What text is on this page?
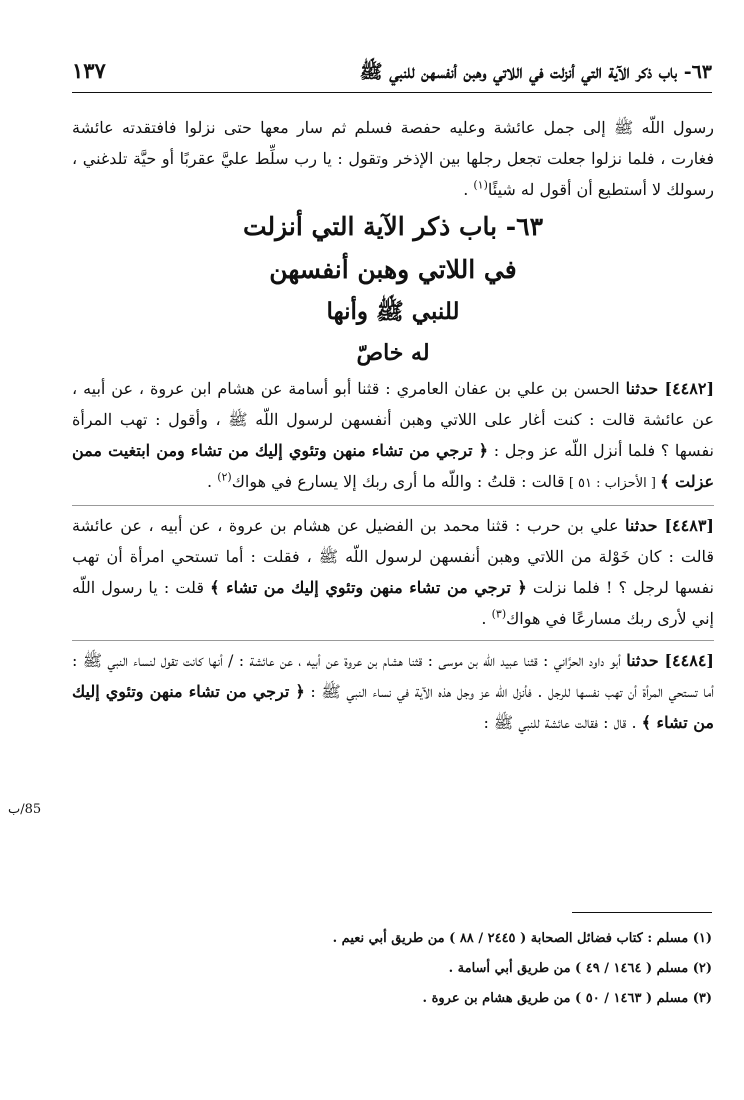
٦٣- باب ذكر الآية التي أنزلت في اللاتي وهبن أنفسهن للنبي ﷺ
١٣٧

رسول اللّه ﷺ إلى جمل عائشة وعليه حفصة فسلم ثم سار معها حتى نزلوا فافتقدته عائشة فغارت ، فلما نزلوا جعلت تجعل رجلها بين الإذخر وتقول : يا رب سلِّط عليَّ عقربًا أو حيَّة تلدغني ، رسولك لا أستطيع أن أقول له شيئًا$^{(١)}$ .

٦٣- باب ذكر الآية التي أنزلت

في اللاتي وهبن أنفسهن

للنبي ﷺ وأنها

له خاصّ

[٤٤٨٢] حدثنا الحسن بن علي بن عفان العامري : قثنا أبو أسامة عن هشام ابن عروة ، عن أبيه ، عن عائشة قالت : كنت أغار على اللاتي وهبن أنفسهن لرسول اللّه ﷺ ، وأقول : تهب المرأة نفسها ؟ فلما أنزل اللّه عز وجل : ﴿ ترجي من تشاء منهن وتئوي إليك من تشاء ومن ابتغيت ممن عزلت ﴾ [ الأحزاب : ٥١ ] قالت : قلتُ : واللّه ما أرى ربك إلا يسارع في هواك$^{(٢)}$ .

[٤٤٨٣] حدثنا علي بن حرب : قثنا محمد بن الفضيل عن هشام بن عروة ، عن أبيه ، عن عائشة قالت : كان خَوْلة من اللاتي وهبن أنفسهن لرسول اللّه ﷺ ، فقلت : أما تستحي امرأة أن تهب نفسها لرجل ؟ ! فلما نزلت ﴿ ترجي من تشاء منهن وتئوي إليك من تشاء ﴾ قلت : يا رسول اللّه إني لأرى ربك مسارعًا في هواك$^{(٣)}$ .

[٤٤٨٤] حدثنا أبو داود الحرَّاني : قثنا عبيد اللّه بن موسى : قثنا هشام بن عروة عن أبيه ، عن عائشة : / أنها كانت تقول لنساء النبي ﷺ : أما تستحي المرأة أن تهب نفسها للرجل . فأنزل اللّه عز وجل هذه الآية في نساء النبي ﷺ : ﴿ ترجي من تشاء منهن وتئوي إليك من تشاء ﴾ . قال : فقالت عائشة للنبي ﷺ :

85/ب
(١) مسلم : كتاب فضائل الصحابة ( ٢٤٤٥ / ٨٨ ) من طريق أبي نعيم .
(٢) مسلم ( ١٤٦٤ / ٤٩ ) من طريق أبي أسامة .
(٣) مسلم ( ١٤٦٣ / ٥٠ ) من طريق هشام بن عروة .
